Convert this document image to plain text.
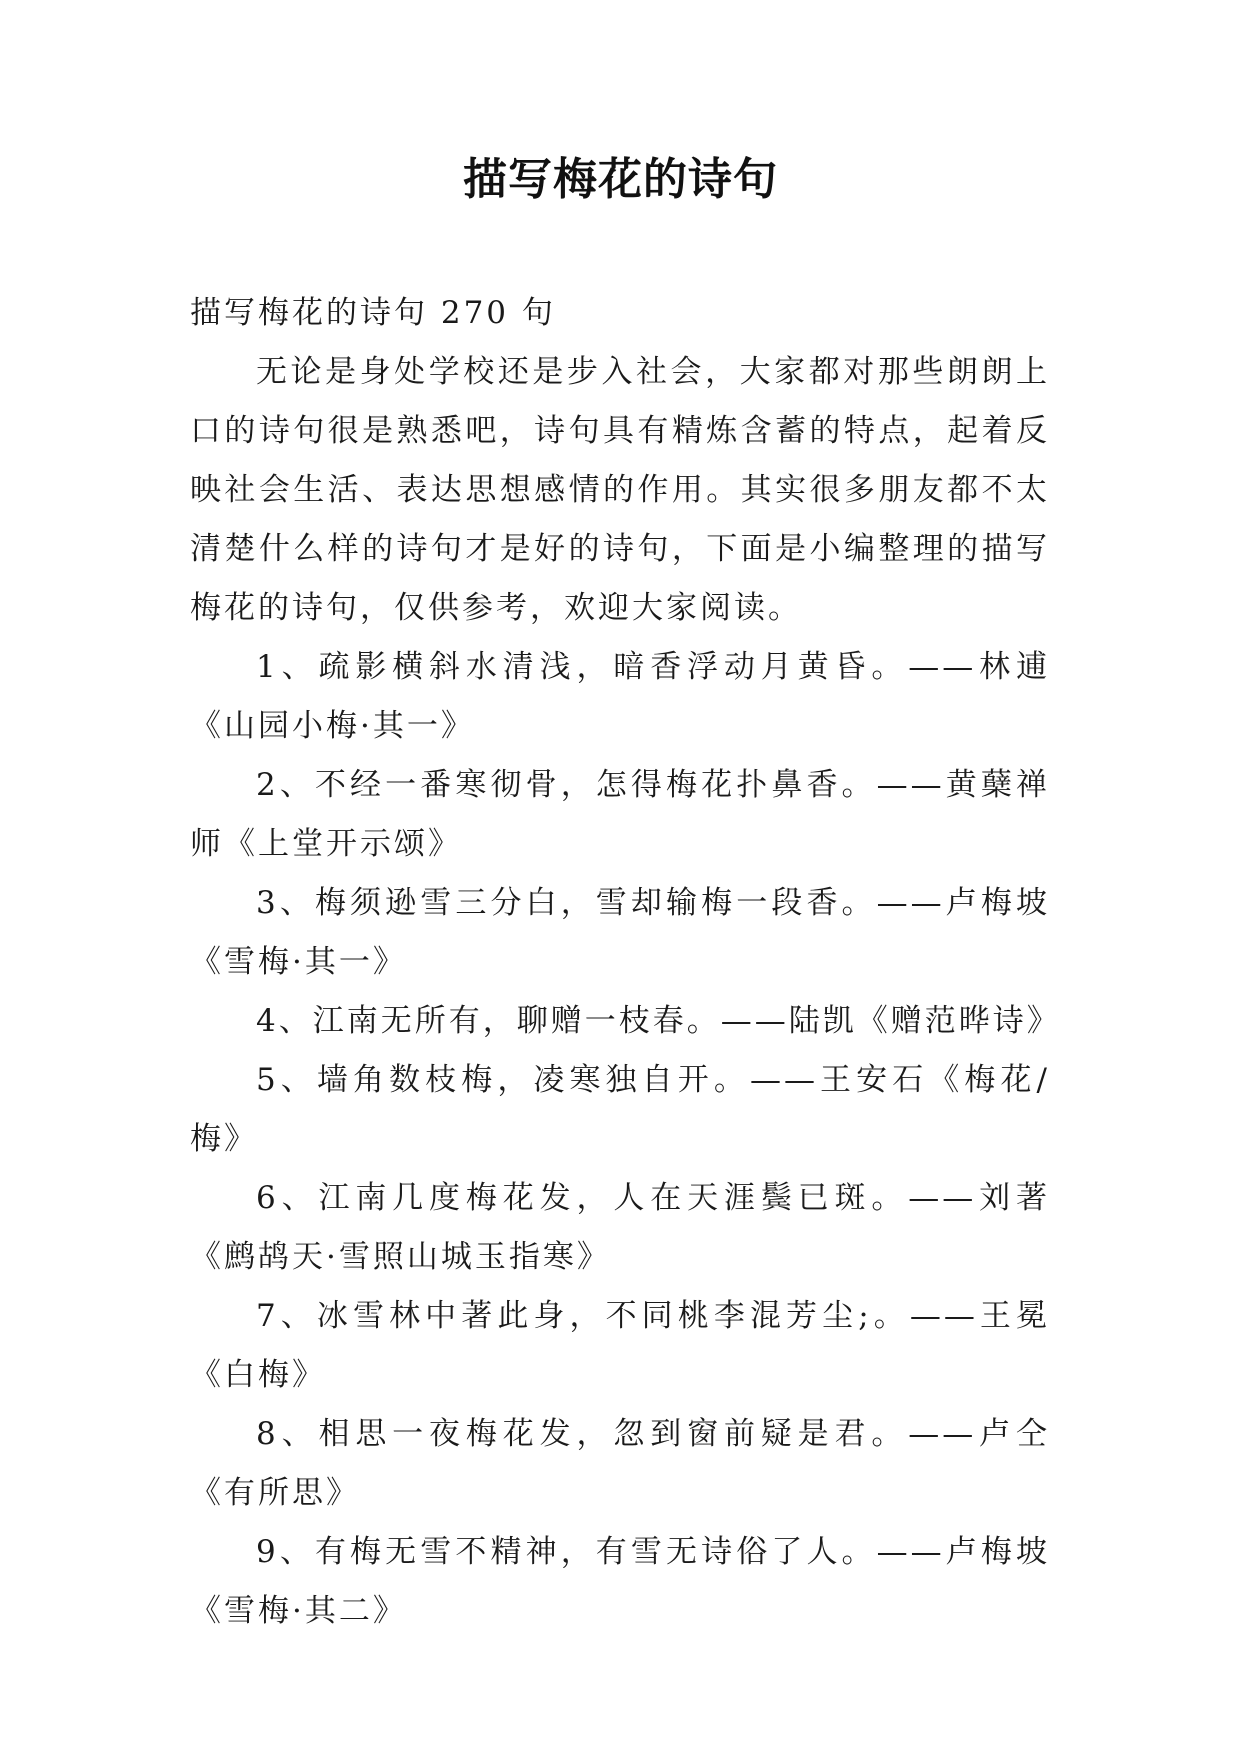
描写梅花的诗句

描写梅花的诗句 270 句

无论是身处学校还是步入社会，大家都对那些朗朗上口的诗句很是熟悉吧，诗句具有精炼含蓄的特点，起着反映社会生活、表达思想感情的作用。其实很多朋友都不太清楚什么样的诗句才是好的诗句，下面是小编整理的描写梅花的诗句，仅供参考，欢迎大家阅读。

1、疏影横斜水清浅，暗香浮动月黄昏。——林逋《山园小梅·其一》

2、不经一番寒彻骨，怎得梅花扑鼻香。——黄蘖禅师《上堂开示颂》

3、梅须逊雪三分白，雪却输梅一段香。——卢梅坡《雪梅·其一》

4、江南无所有，聊赠一枝春。——陆凯《赠范晔诗》

5、墙角数枝梅，凌寒独自开。——王安石《梅花/梅》

6、江南几度梅花发，人在天涯鬓已斑。——刘著《鹧鸪天·雪照山城玉指寒》

7、冰雪林中著此身，不同桃李混芳尘;。——王冕《白梅》

8、相思一夜梅花发，忽到窗前疑是君。——卢仝《有所思》

9、有梅无雪不精神，有雪无诗俗了人。——卢梅坡《雪梅·其二》
